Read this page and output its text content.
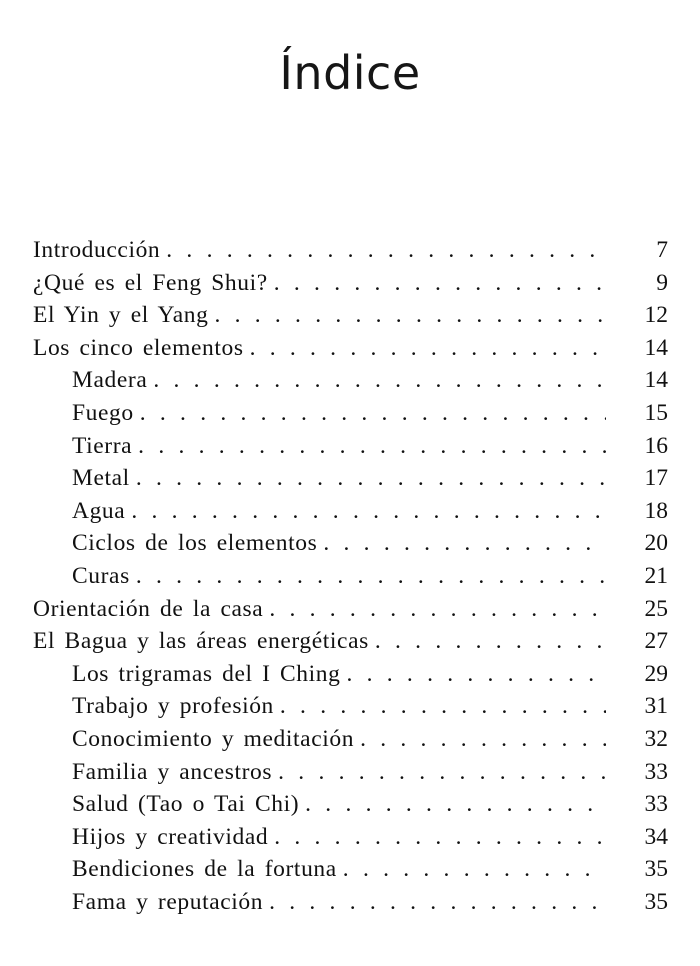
Índice
Introducción . . .	7
¿Qué es el Feng Shui? . . .	9
El Yin y el Yang . . .	12
Los cinco elementos . . .	14
Madera . . .	14
Fuego . . .	15
Tierra . . .	16
Metal . . .	17
Agua . . .	18
Ciclos de los elementos . . .	20
Curas . . .	21
Orientación de la casa . . .	25
El Bagua y las áreas energéticas . . .	27
Los trigramas del I Ching . . .	29
Trabajo y profesión . . .	31
Conocimiento y meditación . . .	32
Familia y ancestros . . .	33
Salud (Tao o Tai Chi) . . .	33
Hijos y creatividad . . .	34
Bendiciones de la fortuna . . .	35
Fama y reputación . . .	35
